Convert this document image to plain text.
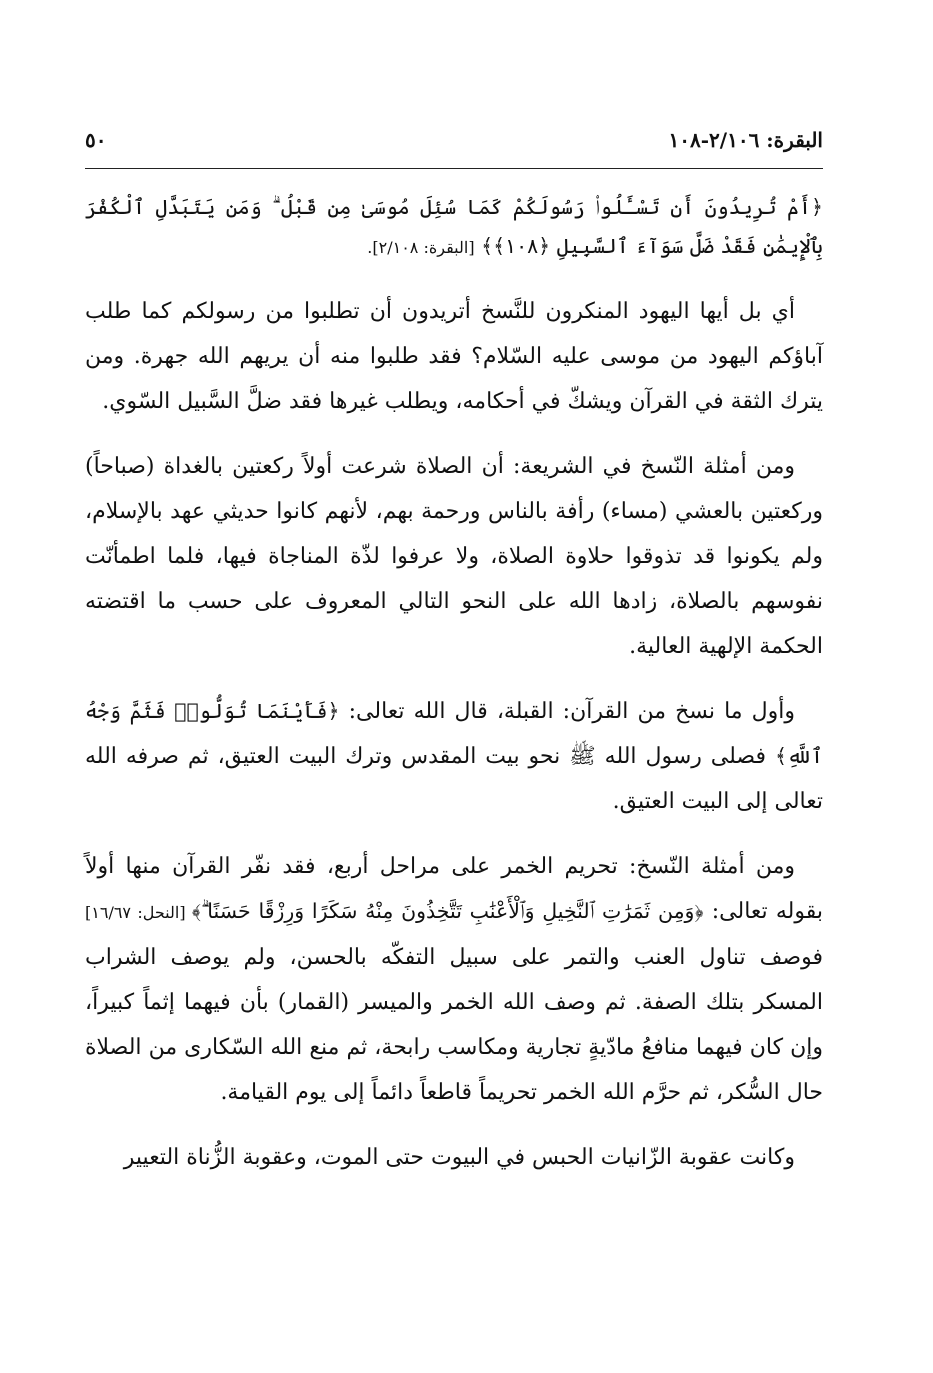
البقرة: ٢/١٠٦-١٠٨
٥٠
﴿أَمْ تُرِيدُونَ أَن تَسْـَٔلُوا۟ رَسُولَكُمْ كَمَا سُئِلَ مُوسَىٰ مِن قَبْلُ ۗ وَمَن يَتَبَدَّلِ ٱلْكُفْرَ بِٱلْإِيمَٰنِ فَقَدْ ضَلَّ سَوَآءَ ٱلسَّبِيلِ ﴿١٠٨﴾﴾ [البقرة: ٢/١٠٨].

أي بل أيها اليهود المنكرون للنَّسخ أتريدون أن تطلبوا من رسولكم كما طلب آباؤكم اليهود من موسى عليه السّلام؟ فقد طلبوا منه أن يريهم الله جهرة. ومن يترك الثقة في القرآن ويشكّ في أحكامه، ويطلب غيرها فقد ضلَّ السَّبيل السّوي.

ومن أمثلة النّسخ في الشريعة: أن الصلاة شرعت أولاً ركعتين بالغداة (صباحاً) وركعتين بالعشي (مساء) رأفة بالناس ورحمة بهم، لأنهم كانوا حديثي عهد بالإسلام، ولم يكونوا قد تذوقوا حلاوة الصلاة، ولا عرفوا لذّة المناجاة فيها، فلما اطمأنّت نفوسهم بالصلاة، زادها الله على النحو التالي المعروف على حسب ما اقتضته الحكمة الإلهية العالية.

وأول ما نسخ من القرآن: القبلة، قال الله تعالى: ﴿فَأَيْنَمَا تُوَلُّوا۟ فَثَمَّ وَجْهُ ٱللَّهِ﴾ فصلى رسول الله ﷺ نحو بيت المقدس وترك البيت العتيق، ثم صرفه الله تعالى إلى البيت العتيق.

ومن أمثلة النّسخ: تحريم الخمر على مراحل أربع، فقد نفّر القرآن منها أولاً بقوله تعالى: ﴿وَمِن ثَمَرَٰتِ ٱلنَّخِيلِ وَٱلْأَعْنَٰبِ تَتَّخِذُونَ مِنْهُ سَكَرًا وَرِزْقًا حَسَنًا ۗ﴾ [النحل: ١٦/٦٧] فوصف تناول العنب والتمر على سبيل التفكّه بالحسن، ولم يوصف الشراب المسكر بتلك الصفة. ثم وصف الله الخمر والميسر (القمار) بأن فيهما إثماً كبيراً، وإن كان فيهما منافعُ مادّيةٍ تجارية ومكاسب رابحة، ثم منع الله السّكارى من الصلاة حال السُّكر، ثم حرَّم الله الخمر تحريماً قاطعاً دائماً إلى يوم القيامة.

وكانت عقوبة الزّانيات الحبس في البيوت حتى الموت، وعقوبة الزُّناة التعيير
